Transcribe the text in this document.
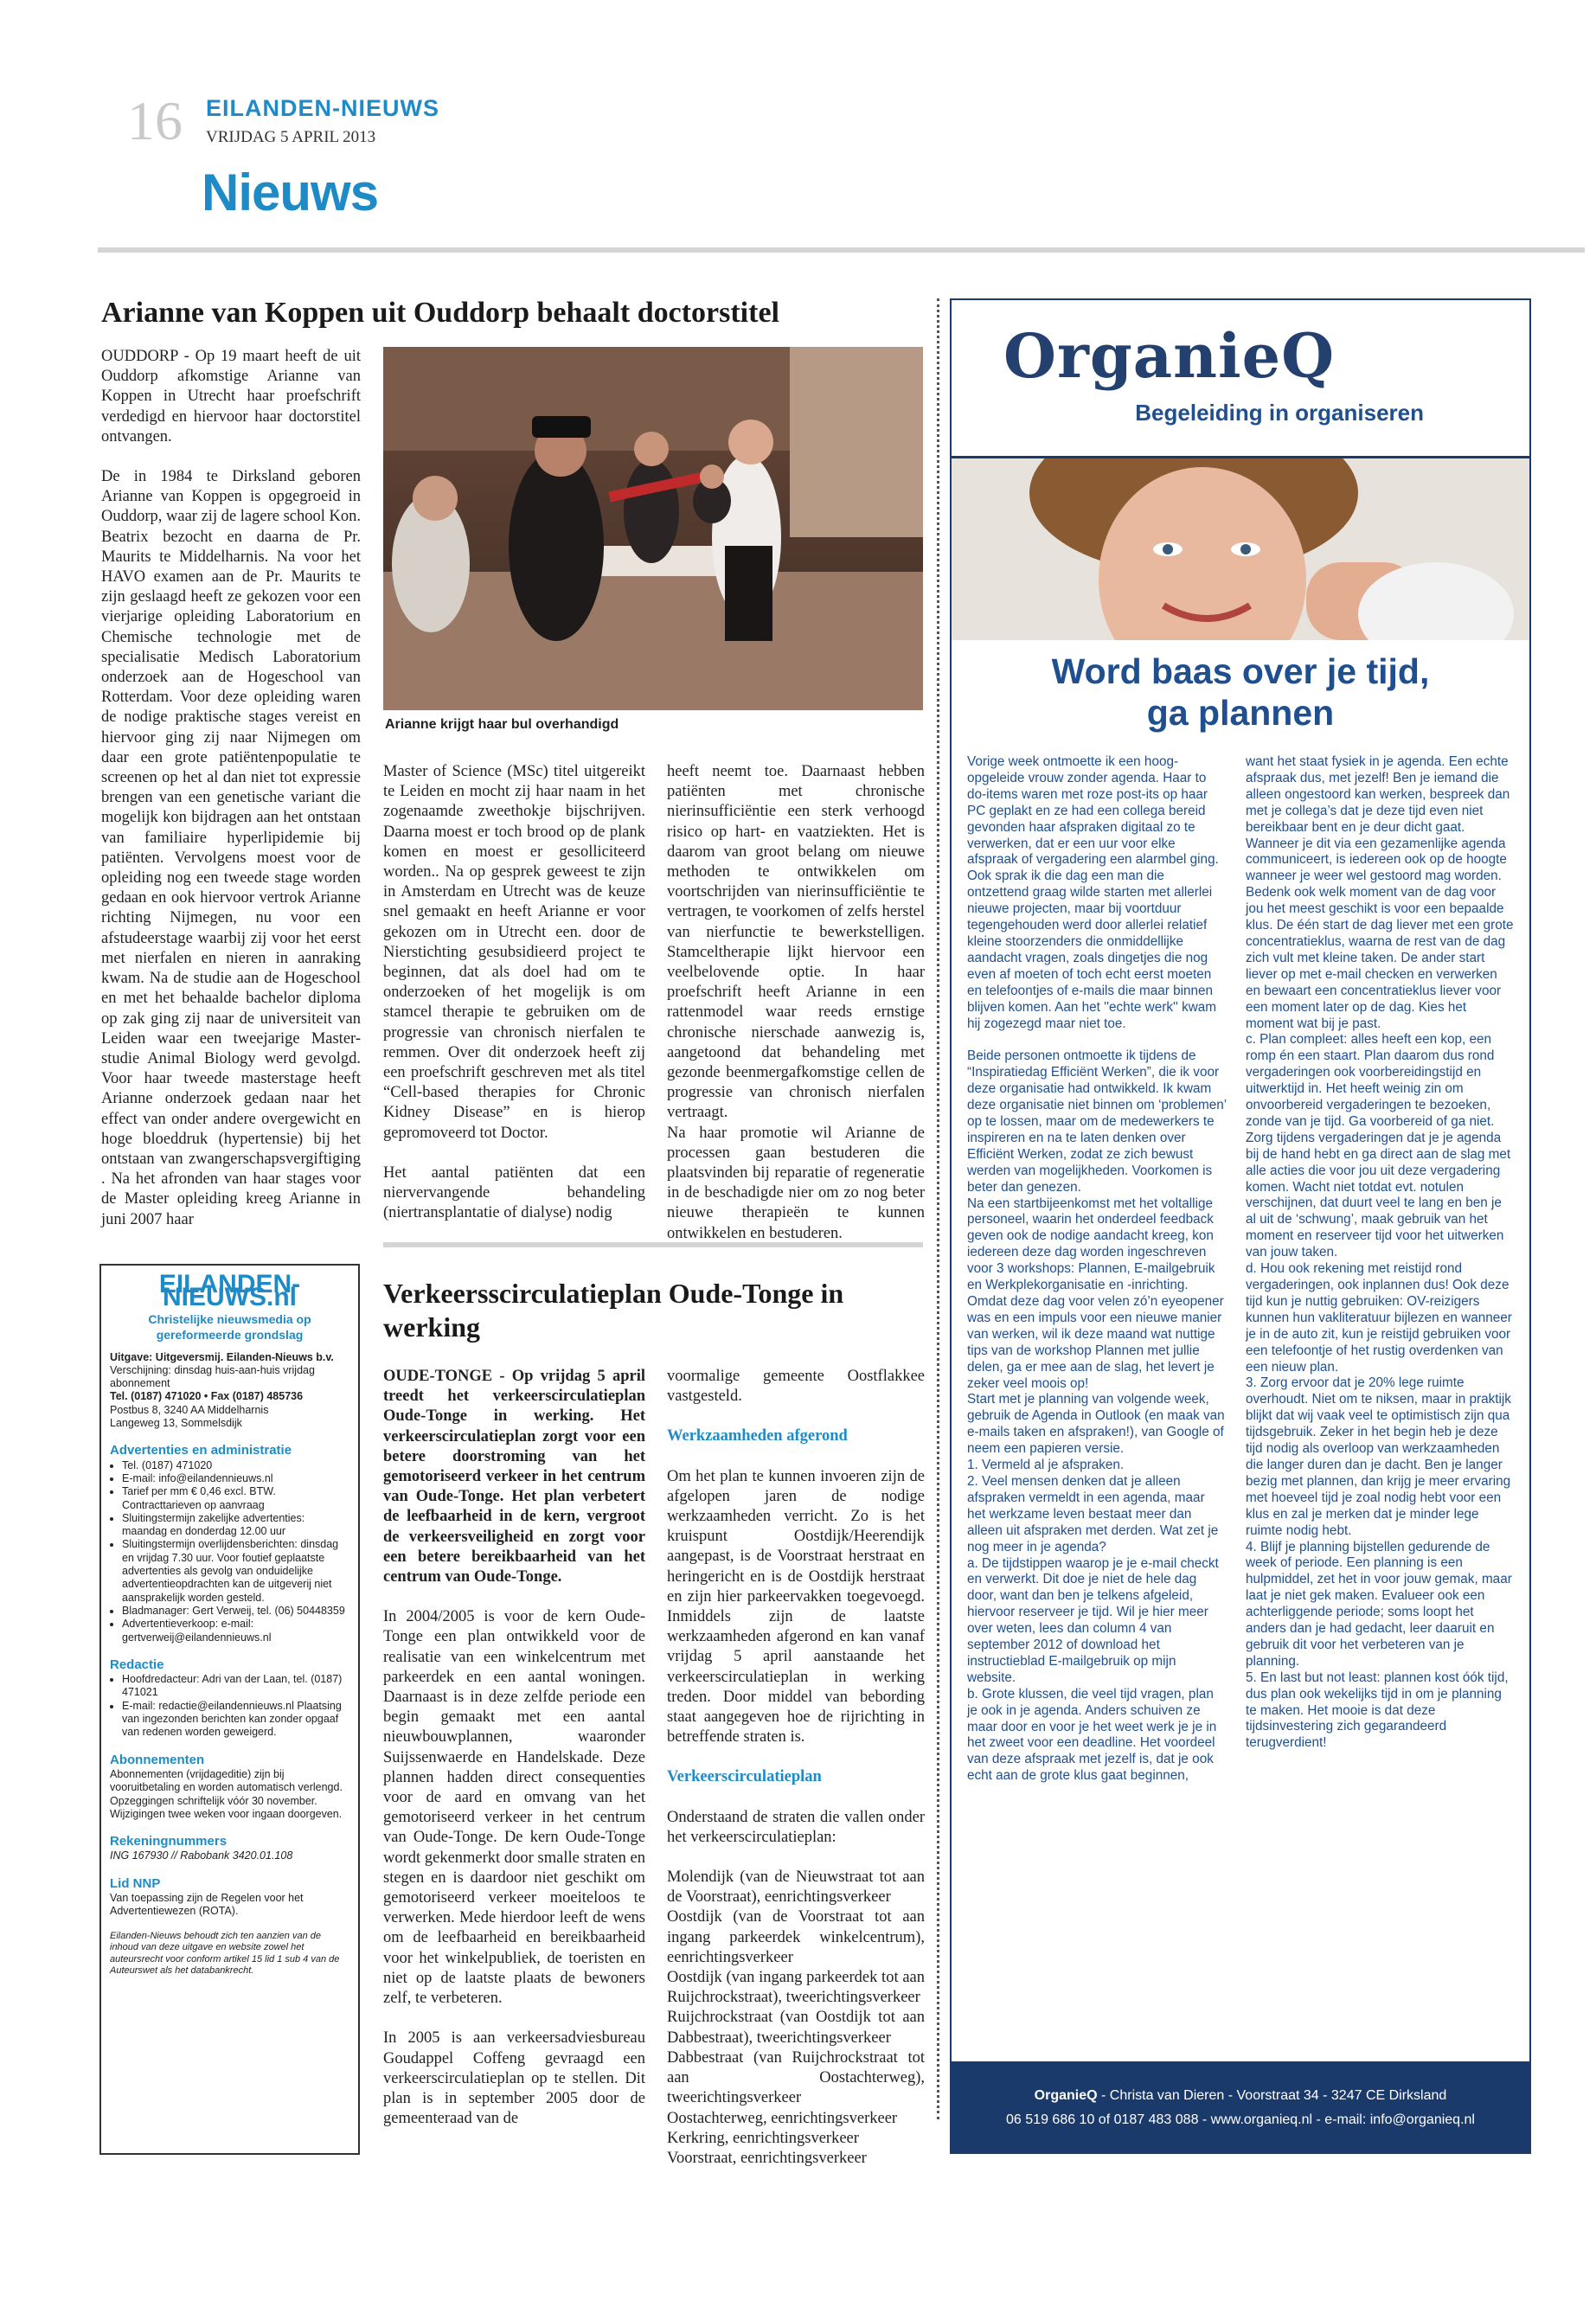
16 EILANDEN-NIEUWS
VRIJDAG 5 APRIL 2013
Nieuws
Arianne van Koppen uit Ouddorp behaalt doctorstitel

OUDDORP - Op 19 maart heeft de uit Ouddorp afkomstige Arianne van Koppen in Utrecht haar proefschrift verdedigd en hiervoor haar doctorstitel ontvangen.

De in 1984 te Dirksland geboren Arianne van Koppen is opgegroeid in Ouddorp, waar zij de lagere school Kon. Beatrix bezocht en daarna de Pr. Maurits te Middelharnis. Na voor het HAVO examen aan de Pr. Maurits te zijn geslaagd heeft ze gekozen voor een vierjarige opleiding Laboratorium en Chemische technologie met de specialisatie Medisch Laboratorium onderzoek aan de Hogeschool van Rotterdam. Voor deze opleiding waren de nodige praktische stages vereist en hiervoor ging zij naar Nijmegen om daar een grote patiëntenpopulatie te screenen op het al dan niet tot expressie brengen van een genetische variant die mogelijk kon bijdragen aan het ontstaan van familiaire hyperlipidemie bij patiënten. Vervolgens moest voor de opleiding nog een tweede stage worden gedaan en ook hiervoor vertrok Arianne richting Nijmegen, nu voor een afstudeerstage waarbij zij voor het eerst met nierfalen en nieren in aanraking kwam. Na de studie aan de Hogeschool en met het behaalde bachelor diploma op zak ging zij naar de universiteit van Leiden waar een tweejarige Master-studie Animal Biology werd gevolgd. Voor haar tweede masterstage heeft Arianne onderzoek gedaan naar het effect van onder andere overgewicht en hoge bloeddruk (hypertensie) bij het ontstaan van zwangerschapsvergiftiging . Na het afronden van haar stages voor de Master opleiding kreeg Arianne in juni 2007 haar

Arianne krijgt haar bul overhandigd

Master of Science (MSc) titel uitgereikt te Leiden en mocht zij haar naam in het zogenaamde zweethokje bijschrijven. Daarna moest er toch brood op de plank komen en moest er gesolliciteerd worden.. Na op gesprek geweest te zijn in Amsterdam en Utrecht was de keuze snel gemaakt en heeft Arianne er voor gekozen om in Utrecht een. door de Nierstichting gesubsidieerd project te beginnen, dat als doel had om te onderzoeken of het mogelijk is om stamcel therapie te gebruiken om de progressie van chronisch nierfalen te remmen. Over dit onderzoek heeft zij een proefschrift geschreven met als titel “Cell-based therapies for Chronic Kidney Disease” en is hierop gepromoveerd tot Doctor.

Het aantal patiënten dat een niervervangende behandeling (niertransplantatie of dialyse) nodig

heeft neemt toe. Daarnaast hebben patiënten met chronische nierinsufficiëntie een sterk verhoogd risico op hart- en vaatziekten. Het is daarom van groot belang om nieuwe methoden te ontwikkelen om voortschrijden van nierinsufficiëntie te vertragen, te voorkomen of zelfs herstel van nierfunctie te bewerkstelligen. Stamceltherapie lijkt hiervoor een veelbelovende optie. In haar proefschrift heeft Arianne in een rattenmodel waar reeds ernstige chronische nierschade aanwezig is, aangetoond dat behandeling met gezonde beenmergafkomstige cellen de progressie van chronisch nierfalen vertraagt.

Na haar promotie wil Arianne de processen gaan bestuderen die plaatsvinden bij reparatie of regeneratie in de beschadigde nier om zo nog beter nieuwe therapieën te kunnen ontwikkelen en bestuderen.

EILANDEN-NIEUWS.nl
Christelijke nieuwsmedia op gereformeerde grondslag
Uitgave: Uitgeversmij. Eilanden-Nieuws b.v.
Verschijning: dinsdag huis-aan-huis vrijdag abonnement
Tel. (0187) 471020 • Fax (0187) 485736
Postbus 8, 3240 AA Middelharnis
Langeweg 13, Sommelsdijk
Advertenties en administratie
• Tel. (0187) 471020
• E-mail: info@eilandennieuws.nl
• Tarief per mm € 0,46 excl. BTW. Contracttarieven op aanvraag
• Sluitingstermijn zakelijke advertenties: maandag en donderdag 12.00 uur
• Sluitingstermijn overlijdensberichten: dinsdag en vrijdag 7.30 uur. Voor foutief geplaatste advertenties als gevolg van onduidelijke advertentieopdrachten kan de uitgeverij niet aansprakelijk worden gesteld.
• Bladmanager: Gert Verweij, tel. (06) 50448359
• Advertentieverkoop: e-mail: gertverweij@eilandennieuws.nl
Redactie
• Hoofdredacteur: Adri van der Laan, tel. (0187) 471021
• E-mail: redactie@eilandennieuws.nl Plaatsing van ingezonden berichten kan zonder opgaaf van redenen worden geweigerd.
Abonnementen
Abonnementen (vrijdageditie) zijn bij vooruitbetaling en worden automatisch verlengd. Opzeggingen schriftelijk vóór 30 november. Wijzigingen twee weken voor ingaan doorgeven.
Rekeningnummers
ING 167930 // Rabobank 3420.01.108
Lid NNP
Van toepassing zijn de Regelen voor het Advertentiewezen (ROTA).
Eilanden-Nieuws behoudt zich ten aanzien van de inhoud van deze uitgave en website zowel het auteursrecht voor conform artikel 15 lid 1 sub 4 van de Auteurswet als het databankrecht.
Verkeersscirculatieplan Oude-Tonge in werking

OUDE-TONGE - Op vrijdag 5 april treedt het verkeerscirculatieplan Oude-Tonge in werking. Het verkeerscirculatieplan zorgt voor een betere doorstroming van het gemotoriseerd verkeer in het centrum van Oude-Tonge. Het plan verbetert de leefbaarheid in de kern, vergroot de verkeersveiligheid en zorgt voor een betere bereikbaarheid van het centrum van Oude-Tonge.

In 2004/2005 is voor de kern Oude-Tonge een plan ontwikkeld voor de realisatie van een winkelcentrum met parkeerdek en een aantal woningen. Daarnaast is in deze zelfde periode een begin gemaakt met een aantal nieuwbouwplannen, waaronder Suijssenwaerde en Handelskade. Deze plannen hadden direct consequenties voor de aard en omvang van het gemotoriseerd verkeer in het centrum van Oude-Tonge. De kern Oude-Tonge wordt gekenmerkt door smalle straten en stegen en is daardoor niet geschikt om gemotoriseerd verkeer moeiteloos te verwerken. Mede hierdoor leeft de wens om de leefbaarheid en bereikbaarheid voor het winkelpubliek, de toeristen en niet op de laatste plaats de bewoners zelf, te verbeteren.

In 2005 is aan verkeersadviesbureau Goudappel Coffeng gevraagd een verkeerscirculatieplan op te stellen. Dit plan is in september 2005 door de gemeenteraad van de

voormalige gemeente Oostflakkee vastgesteld.

Werkzaamheden afgerond

Om het plan te kunnen invoeren zijn de afgelopen jaren de nodige werkzaamheden verricht. Zo is het kruispunt Oostdijk/Heerendijk aangepast, is de Voorstraat herstraat en heringericht en is de Oostdijk herstraat en zijn hier parkeervakken toegevoegd. Inmiddels zijn de laatste werkzaamheden afgerond en kan vanaf vrijdag 5 april aanstaande het verkeerscirculatieplan in werking treden. Door middel van bebording staat aangegeven hoe de rijrichting in betreffende straten is.

Verkeerscirculatieplan

Onderstaand de straten die vallen onder het verkeerscirculatieplan:

Molendijk (van de Nieuwstraat tot aan de Voorstraat), eenrichtingsverkeer
Oostdijk (van de Voorstraat tot aan ingang parkeerdek winkelcentrum), eenrichtingsverkeer
Oostdijk (van ingang parkeerdek tot aan Ruijchrockstraat), tweerichtingsverkeer
Ruijchrockstraat (van Oostdijk tot aan Dabbestraat), tweerichtingsverkeer
Dabbestraat (van Ruijchrockstraat tot aan Oostachterweg), tweerichtingsverkeer
Oostachterweg, eenrichtingsverkeer
Kerkring, eenrichtingsverkeer
Voorstraat, eenrichtingsverkeer
OrganieQ
Begeleiding in organiseren
Word baas over je tijd,
ga plannen

Vorige week ontmoette ik een hoog-opgeleide vrouw zonder agenda. Haar to do-items waren met roze post-its op haar PC geplakt en ze had een collega bereid gevonden haar afspraken digitaal zo te verwerken, dat er een uur voor elke afspraak of vergadering een alarmbel ging. Ook sprak ik die dag een man die ontzettend graag wilde starten met allerlei nieuwe projecten, maar bij voortduur tegengehouden werd door allerlei relatief kleine stoorzenders die onmiddellijke aandacht vragen, zoals dingetjes die nog even af moeten of toch echt eerst moeten en telefoontjes of e-mails die maar binnen blijven komen. Aan het ''echte werk'' kwam hij zogezegd maar niet toe.

Beide personen ontmoette ik tijdens de “Inspiratiedag Efficiënt Werken”, die ik voor deze organisatie had ontwikkeld. Ik kwam deze organisatie niet binnen om ‘problemen’ op te lossen, maar om de medewerkers te inspireren en na te laten denken over Efficiënt Werken, zodat ze zich bewust werden van mogelijkheden. Voorkomen is beter dan genezen.

Na een startbijeenkomst met het voltallige personeel, waarin het onderdeel feedback geven ook de nodige aandacht kreeg, kon iedereen deze dag worden ingeschreven voor 3 workshops: Plannen, E-mailgebruik en Werkplekorganisatie en -inrichting. Omdat deze dag voor velen zó’n eyeopener was en een impuls voor een nieuwe manier van werken, wil ik deze maand wat nuttige tips van de workshop Plannen met jullie delen, ga er mee aan de slag, het levert je zeker veel moois op!

Start met je planning van volgende week, gebruik de Agenda in Outlook (en maak van e-mails taken en afspraken!), van Google of neem een papieren versie.

1. Vermeld al je afspraken.

2. Veel mensen denken dat je alleen afspraken vermeldt in een agenda, maar het werkzame leven bestaat meer dan alleen uit afspraken met derden. Wat zet je nog meer in je agenda?

a. De tijdstippen waarop je je e-mail checkt en verwerkt. Dit doe je niet de hele dag door, want dan ben je telkens afgeleid, hiervoor reserveer je tijd. Wil je hier meer over weten, lees dan column 4 van september 2012 of download het instructieblad E-mailgebruik op mijn website.

b. Grote klussen, die veel tijd vragen, plan je ook in je agenda. Anders schuiven ze maar door en voor je het weet werk je je in het zweet voor een deadline. Het voordeel van deze afspraak met jezelf is, dat je ook echt aan de grote klus gaat beginnen,

want het staat fysiek in je agenda. Een echte afspraak dus, met jezelf! Ben je iemand die alleen ongestoord kan werken, bespreek dan met je collega’s dat je deze tijd even niet bereikbaar bent en je deur dicht gaat. Wanneer je dit via een gezamenlijke agenda communiceert, is iedereen ook op de hoogte wanneer je weer wel gestoord mag worden.

Bedenk ook welk moment van de dag voor jou het meest geschikt is voor een bepaalde klus. De één start de dag liever met een grote concentratieklus, waarna de rest van de dag zich vult met kleine taken. De ander start liever op met e-mail checken en verwerken en bewaart een concentratieklus liever voor een moment later op de dag. Kies het moment wat bij je past.

c. Plan compleet: alles heeft een kop, een romp én een staart. Plan daarom dus rond vergaderingen ook voorbereidingstijd en uitwerktijd in. Het heeft weinig zin om onvoorbereid vergaderingen te bezoeken, zonde van je tijd. Ga voorbereid of ga niet. Zorg tijdens vergaderingen dat je je agenda bij de hand hebt en ga direct aan de slag met alle acties die voor jou uit deze vergadering komen. Wacht niet totdat evt. notulen verschijnen, dat duurt veel te lang en ben je al uit de ‘schwung’, maak gebruik van het moment en reserveer tijd voor het uitwerken van jouw taken.

d. Hou ook rekening met reistijd rond vergaderingen, ook inplannen dus! Ook deze tijd kun je nuttig gebruiken: OV-reizigers kunnen hun vakliteratuur bijlezen en wanneer je in de auto zit, kun je reistijd gebruiken voor een telefoontje of het rustig overdenken van een nieuw plan.

3. Zorg ervoor dat je 20% lege ruimte overhoudt. Niet om te niksen, maar in praktijk blijkt dat wij vaak veel te optimistisch zijn qua tijdsgebruik. Zeker in het begin heb je deze tijd nodig als overloop van werkzaamheden die langer duren dan je dacht. Ben je langer bezig met plannen, dan krijg je meer ervaring met hoeveel tijd je zoal nodig hebt voor een klus en zal je merken dat je minder lege ruimte nodig hebt.

4. Blijf je planning bijstellen gedurende de week of periode. Een planning is een hulpmiddel, zet het in voor jouw gemak, maar laat je niet gek maken. Evalueer ook een achterliggende periode; soms loopt het anders dan je had gedacht, leer daaruit en gebruik dit voor het verbeteren van je planning.

5. En last but not least: plannen kost óók tijd, dus plan ook wekelijks tijd in om je planning te maken. Het mooie is dat deze tijdsinvestering zich gegarandeerd terugverdient!

OrganieQ - Christa van Dieren - Voorstraat 34 - 3247 CE Dirksland
06 519 686 10 of 0187 483 088 - www.organieq.nl - e-mail: info@organieq.nl
